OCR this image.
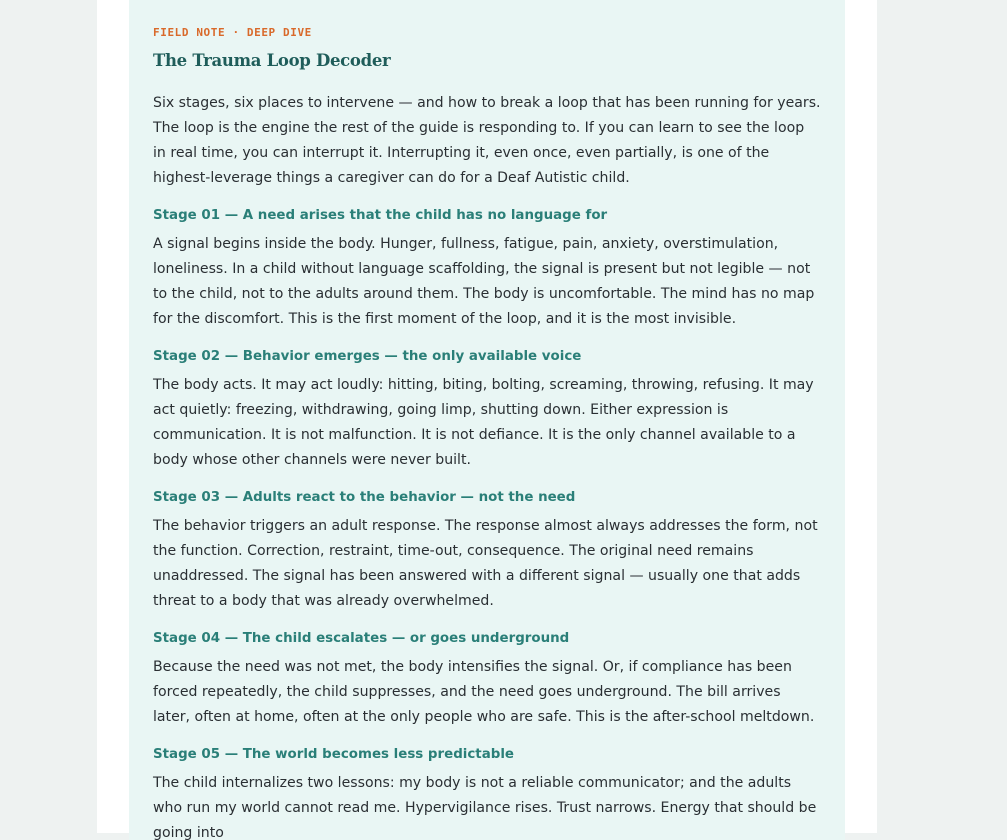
FIELD NOTE · DEEP DIVE
The Trauma Loop Decoder

Six stages, six places to intervene — and how to break a loop that has been running for years. The loop is the engine the rest of the guide is responding to. If you can learn to see the loop in real time, you can interrupt it. Interrupting it, even once, even partially, is one of the highest-leverage things a caregiver can do for a Deaf Autistic child.

Stage 01 — A need arises that the child has no language for

A signal begins inside the body. Hunger, fullness, fatigue, pain, anxiety, overstimulation, loneliness. In a child without language scaffolding, the signal is present but not legible — not to the child, not to the adults around them. The body is uncomfortable. The mind has no map for the discomfort. This is the first moment of the loop, and it is the most invisible.

Stage 02 — Behavior emerges — the only available voice

The body acts. It may act loudly: hitting, biting, bolting, screaming, throwing, refusing. It may act quietly: freezing, withdrawing, going limp, shutting down. Either expression is communication. It is not malfunction. It is not defiance. It is the only channel available to a body whose other channels were never built.

Stage 03 — Adults react to the behavior — not the need

The behavior triggers an adult response. The response almost always addresses the form, not the function. Correction, restraint, time-out, consequence. The original need remains unaddressed. The signal has been answered with a different signal — usually one that adds threat to a body that was already overwhelmed.

Stage 04 — The child escalates — or goes underground

Because the need was not met, the body intensifies the signal. Or, if compliance has been forced repeatedly, the child suppresses, and the need goes underground. The bill arrives later, often at home, often at the only people who are safe. This is the after-school meltdown.

Stage 05 — The world becomes less predictable

The child internalizes two lessons: my body is not a reliable communicator; and the adults who run my world cannot read me. Hypervigilance rises. Trust narrows. Energy that should be going into
